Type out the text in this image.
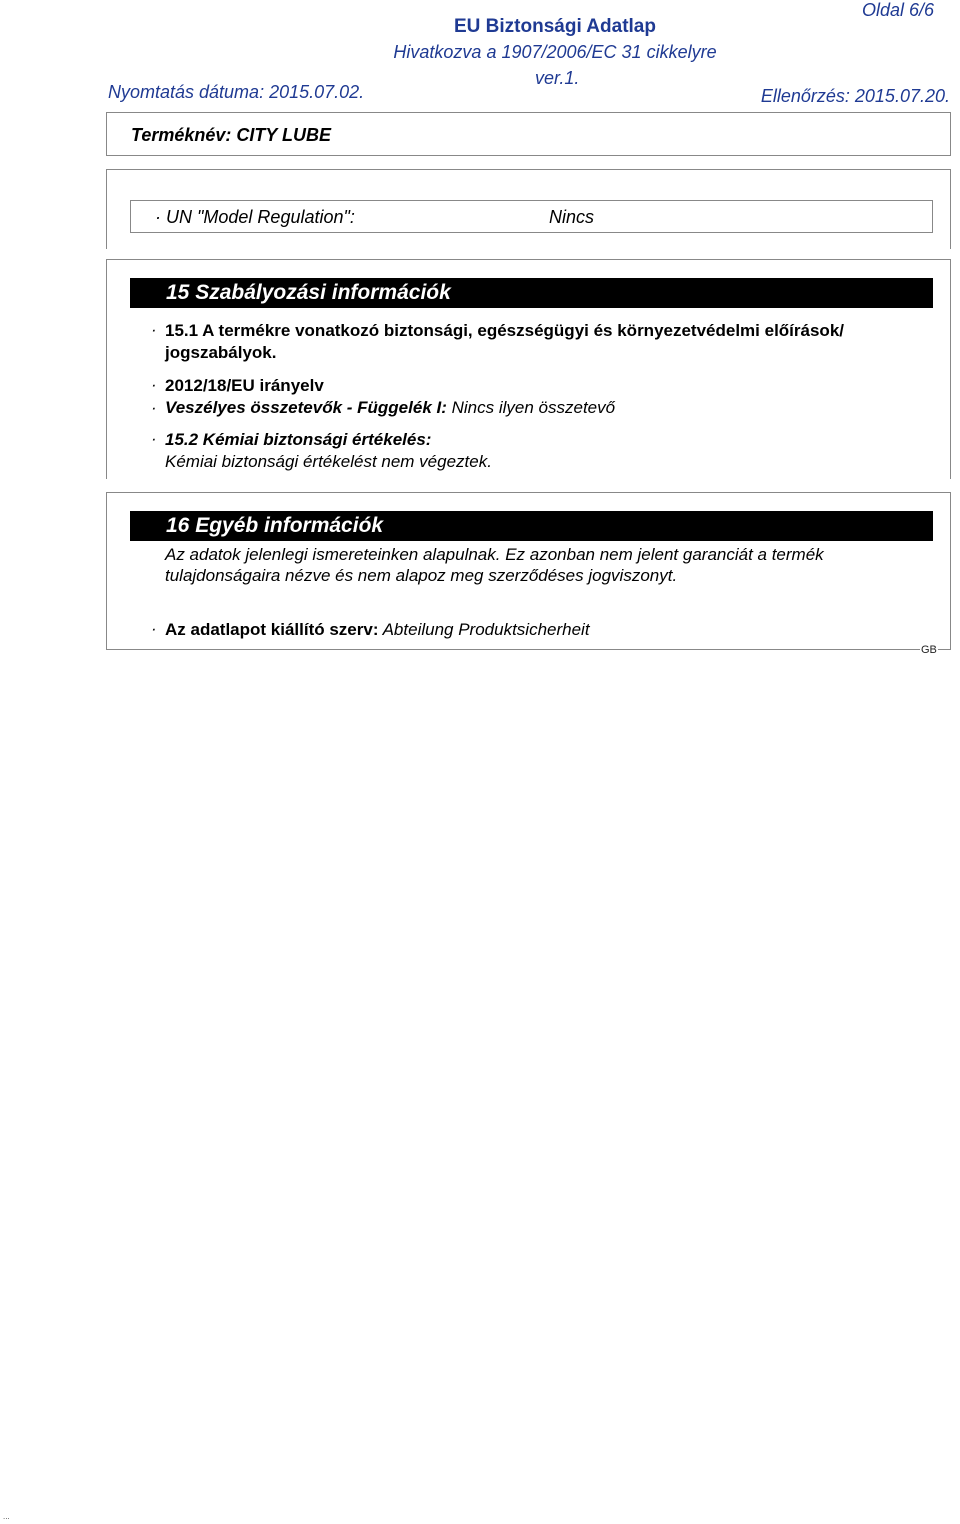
Oldal 6/6
EU Biztonsági Adatlap
Hivatkozva a 1907/2006/EC 31 cikkelyre
ver.1.
Nyomtatás dátuma: 2015.07.02.	Ellenőrzés: 2015.07.20.
Terméknév: CITY LUBE
· UN "Model Regulation":	Nincs
15 Szabályozási információk
· 15.1 A termékre vonatkozó biztonsági, egészségügyi és környezetvédelmi előírások/
jogszabályok.
· 2012/18/EU irányelv
· Veszélyes összetevők - Függelék I: Nincs ilyen összetevő
· 15.2 Kémiai biztonsági értékelés:
Kémiai biztonsági értékelést nem végeztek.
16 Egyéb információk
Az adatok jelenlegi ismereteinken alapulnak. Ez azonban nem jelent garanciát a termék
tulajdonságaira nézve és nem alapoz meg szerződéses jogviszonyt.
· Az adatlapot kiállító szerv: Abteilung Produktsicherheit
GB
...
